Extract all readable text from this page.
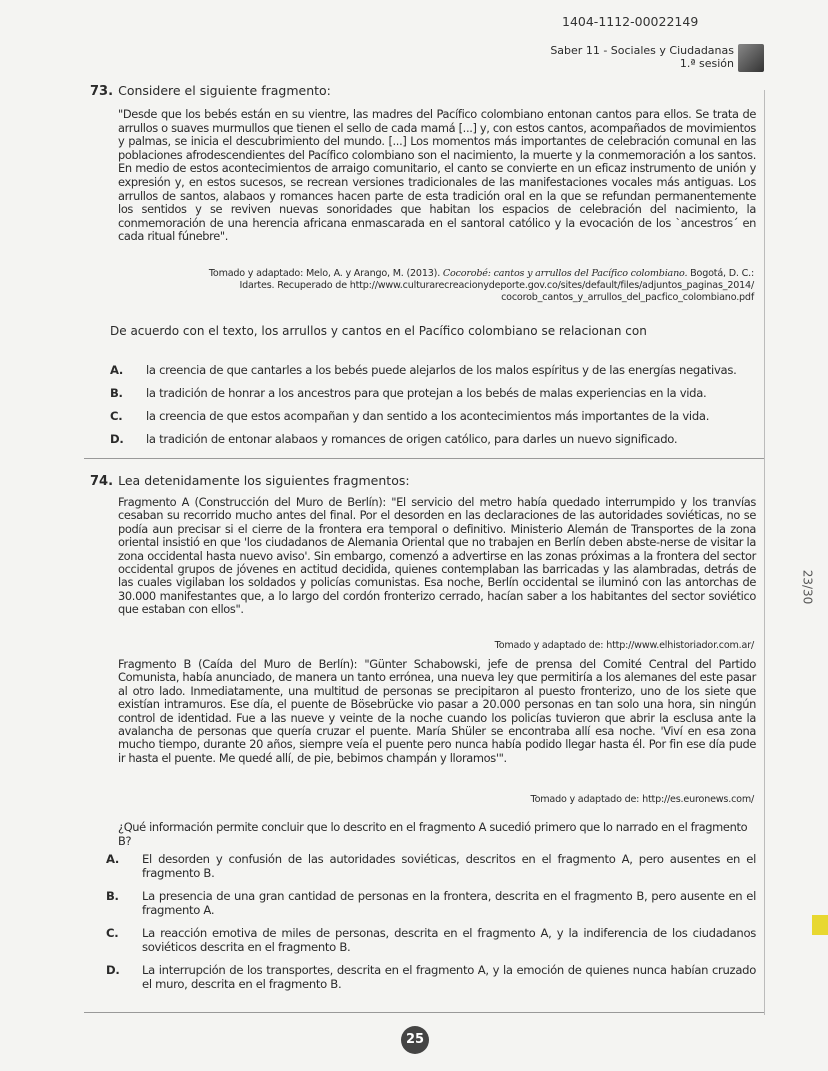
1404-1112-00022149
Saber 11 - Sociales y Ciudadanas
1.ª sesión
73. Considere el siguiente fragmento:
"Desde que los bebés están en su vientre, las madres del Pacífico colombiano entonan cantos para ellos. Se trata de arrullos o suaves murmullos que tienen el sello de cada mamá [...] y, con estos cantos, acompañados de movimientos y palmas, se inicia el descubrimiento del mundo. [...] Los momentos más importantes de celebración comunal en las poblaciones afrodescendientes del Pacífico colombiano son el nacimiento, la muerte y la conmemoración a los santos. En medio de estos acontecimientos de arraigo comunitario, el canto se convierte en un eficaz instrumento de unión y expresión y, en estos sucesos, se recrean versiones tradicionales de las manifestaciones vocales más antiguas. Los arrullos de santos, alabaos y romances hacen parte de esta tradición oral en la que se refundan permanentemente los sentidos y se reviven nuevas sonoridades que habitan los espacios de celebración del nacimiento, la conmemoración de una herencia africana enmascarada en el santoral católico y la evocación de los `ancestros´ en cada ritual fúnebre".
Tomado y adaptado: Melo, A. y Arango, M. (2013). Cocorobé: cantos y arrullos del Pacífico colombiano. Bogotá, D. C.: Idartes. Recuperado de http://www.culturarecreacionydeporte.gov.co/sites/default/files/adjuntos_paginas_2014/ cocorob_cantos_y_arrullos_del_pacfico_colombiano.pdf
De acuerdo con el texto, los arrullos y cantos en el Pacífico colombiano se relacionan con
A.	la creencia de que cantarles a los bebés puede alejarlos de los malos espíritus y de las energías negativas.
B.	la tradición de honrar a los ancestros para que protejan a los bebés de malas experiencias en la vida.
C.	la creencia de que estos acompañan y dan sentido a los acontecimientos más importantes de la vida.
D.	la tradición de entonar alabaos y romances de origen católico, para darles un nuevo significado.
74. Lea detenidamente los siguientes fragmentos:
Fragmento A (Construcción del Muro de Berlín): "El servicio del metro había quedado interrumpido y los tranvías cesaban su recorrido mucho antes del final. Por el desorden en las declaraciones de las autoridades soviéticas, no se podía aun precisar si el cierre de la frontera era temporal o definitivo. Ministerio Alemán de Transportes de la zona oriental insistió en que 'los ciudadanos de Alemania Oriental que no trabajen en Berlín deben abste-nerse de visitar la zona occidental hasta nuevo aviso'. Sin embargo, comenzó a advertirse en las zonas próximas a la frontera del sector occidental grupos de jóvenes en actitud decidida, quienes contemplaban las barricadas y las alambradas, detrás de las cuales vigilaban los soldados y policías comunistas. Esa noche, Berlín occidental se iluminó con las antorchas de 30.000 manifestantes que, a lo largo del cordón fronterizo cerrado, hacían saber a los habitantes del sector soviético que estaban con ellos".
Tomado y adaptado de: http://www.elhistoriador.com.ar/
Fragmento B (Caída del Muro de Berlín): "Günter Schabowski, jefe de prensa del Comité Central del Partido Comunista, había anunciado, de manera un tanto errónea, una nueva ley que permitiría a los alemanes del este pasar al otro lado. Inmediatamente, una multitud de personas se precipitaron al puesto fronterizo, uno de los siete que existían intramuros. Ese día, el puente de Bösebrücke vio pasar a 20.000 personas en tan solo una hora, sin ningún control de identidad. Fue a las nueve y veinte de la noche cuando los policías tuvieron que abrir la esclusa ante la avalancha de personas que quería cruzar el puente. María Shüler se encontraba allí esa noche. 'Viví en esa zona mucho tiempo, durante 20 años, siempre veía el puente pero nunca había podido llegar hasta él. Por fin ese día pude ir hasta el puente. Me quedé allí, de pie, bebimos champán y lloramos'".
Tomado y adaptado de: http://es.euronews.com/
¿Qué información permite concluir que lo descrito en el fragmento A sucedió primero que lo narrado en el fragmento B?
A.	El desorden y confusión de las autoridades soviéticas, descritos en el fragmento A, pero ausentes en el fragmento B.
B.	La presencia de una gran cantidad de personas en la frontera, descrita en el fragmento B, pero ausente en el fragmento A.
C.	La reacción emotiva de miles de personas, descrita en el fragmento A, y la indiferencia de los ciudadanos soviéticos descrita en el fragmento B.
D.	La interrupción de los transportes, descrita en el fragmento A, y la emoción de quienes nunca habían cruzado el muro, descrita en el fragmento B.
23/30
25
